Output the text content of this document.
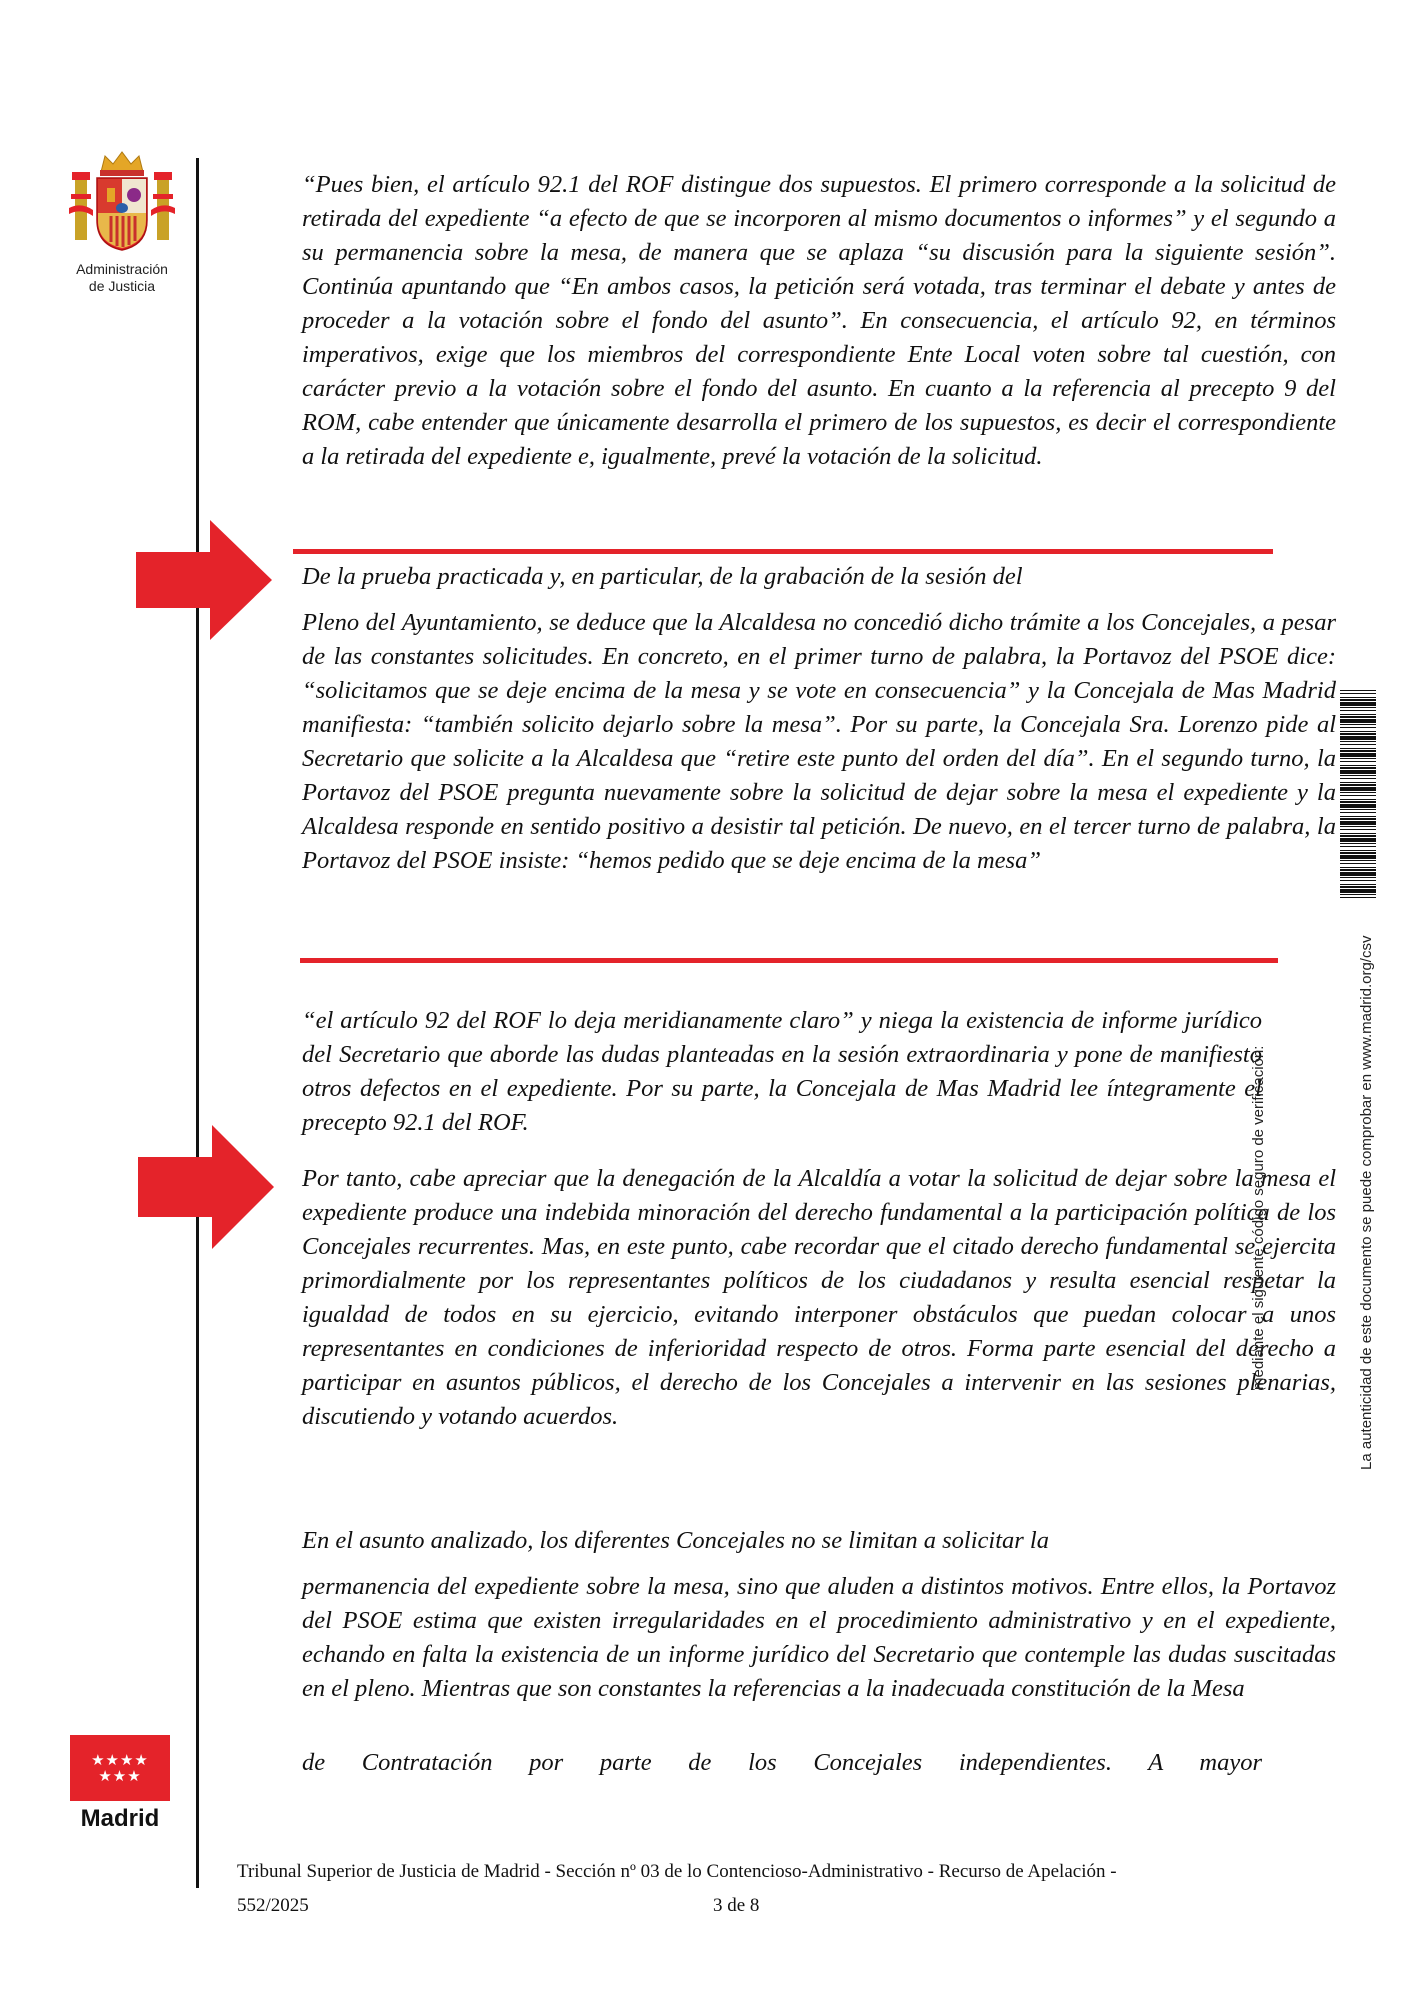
Administración
de Justicia
★★★★
★★★
Madrid

“Pues bien, el artículo 92.1 del ROF distingue dos supuestos. El primero corresponde a la solicitud de retirada del expediente “a efecto de que se incorporen al mismo documentos o informes” y el segundo a su permanencia sobre la mesa, de manera que se aplaza “su discusión para la siguiente sesión”. Continúa apuntando que “En ambos casos, la petición será votada, tras terminar el debate y antes de proceder a la votación sobre el fondo del asunto”. En consecuencia, el artículo 92, en términos imperativos, exige que los miembros del correspondiente Ente Local voten sobre tal cuestión, con carácter previo a la votación sobre el fondo del asunto. En cuanto a la referencia al precepto 9 del ROM, cabe entender que únicamente desarrolla el primero de los supuestos, es decir el correspondiente a la retirada del expediente e, igualmente, prevé la votación de la solicitud.

De la prueba practicada y, en particular, de la grabación de la sesión del

Pleno del Ayuntamiento, se deduce que la Alcaldesa no concedió dicho trámite a los Concejales, a pesar de las constantes solicitudes. En concreto, en el primer turno de palabra, la Portavoz del PSOE dice: “solicitamos que se deje encima de la mesa y se vote en consecuencia” y la Concejala de Mas Madrid manifiesta: “también solicito dejarlo sobre la mesa”. Por su parte, la Concejala Sra. Lorenzo pide al Secretario que solicite a la Alcaldesa que “retire este punto del orden del día”. En el segundo turno, la Portavoz del PSOE pregunta nuevamente sobre la solicitud de dejar sobre la mesa el expediente y la Alcaldesa responde en sentido positivo a desistir tal petición. De nuevo, en el tercer turno de palabra, la Portavoz del PSOE insiste: “hemos pedido que se deje encima de la mesa”

“el artículo 92 del ROF lo deja meridianamente claro” y niega la existencia de informe jurídico del Secretario que aborde las dudas planteadas en la sesión extraordinaria y pone de manifiesto otros defectos en el expediente. Por su parte, la Concejala de Mas Madrid lee íntegramente el precepto 92.1 del ROF.

Por tanto, cabe apreciar que la denegación de la Alcaldía a votar la solicitud de dejar sobre la mesa el expediente produce una indebida minoración del derecho fundamental a la participación política de los Concejales recurrentes. Mas, en este punto, cabe recordar que el citado derecho fundamental se ejercita primordialmente por los representantes políticos de los ciudadanos y resulta esencial respetar la igualdad de todos en su ejercicio, evitando interponer obstáculos que puedan colocar a unos representantes en condiciones de inferioridad respecto de otros. Forma parte esencial del derecho a participar en asuntos públicos, el derecho de los Concejales a intervenir en las sesiones plenarias, discutiendo y votando acuerdos.

En el asunto analizado, los diferentes Concejales no se limitan a solicitar la

permanencia del expediente sobre la mesa, sino que aluden a distintos motivos. Entre ellos, la Portavoz del PSOE estima que existen irregularidades en el procedimiento administrativo y en el expediente, echando en falta la existencia de un informe jurídico del Secretario que contemple las dudas suscitadas en el pleno. Mientras que son constantes la referencias a la inadecuada constitución de la Mesa

de Contratación por parte de los Concejales independientes. A mayor

Tribunal Superior de Justicia de Madrid - Sección nº 03 de lo Contencioso-Administrativo - Recurso de Apelación -
552/2025	3 de 8
mediante el siguiente código seguro de verificación:	La autenticidad de este documento se puede comprobar en www.madrid.org/csv
